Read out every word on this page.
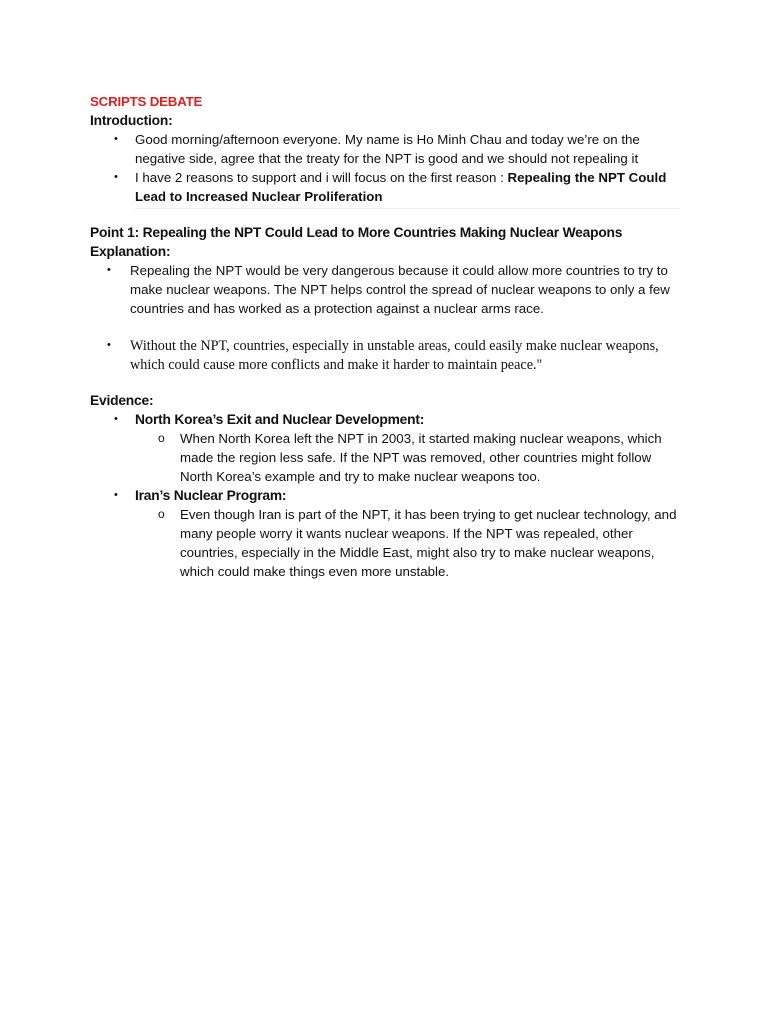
SCRIPTS DEBATE
Introduction:
• Good morning/afternoon everyone. My name is Ho Minh Chau and today we’re on the negative side, agree that the treaty for the NPT is good and we should not repealing it
• I have 2 reasons to support and i will focus on the first reason : Repealing the NPT Could Lead to Increased Nuclear Proliferation
Point 1: Repealing the NPT Could Lead to More Countries Making Nuclear Weapons
Explanation:
• Repealing the NPT would be very dangerous because it could allow more countries to try to make nuclear weapons. The NPT helps control the spread of nuclear weapons to only a few countries and has worked as a protection against a nuclear arms race.
• Without the NPT, countries, especially in unstable areas, could easily make nuclear weapons, which could cause more conflicts and make it harder to maintain peace."
Evidence:
• North Korea’s Exit and Nuclear Development:
o When North Korea left the NPT in 2003, it started making nuclear weapons, which made the region less safe. If the NPT was removed, other countries might follow North Korea’s example and try to make nuclear weapons too.
• Iran’s Nuclear Program:
o Even though Iran is part of the NPT, it has been trying to get nuclear technology, and many people worry it wants nuclear weapons. If the NPT was repealed, other countries, especially in the Middle East, might also try to make nuclear weapons, which could make things even more unstable.
